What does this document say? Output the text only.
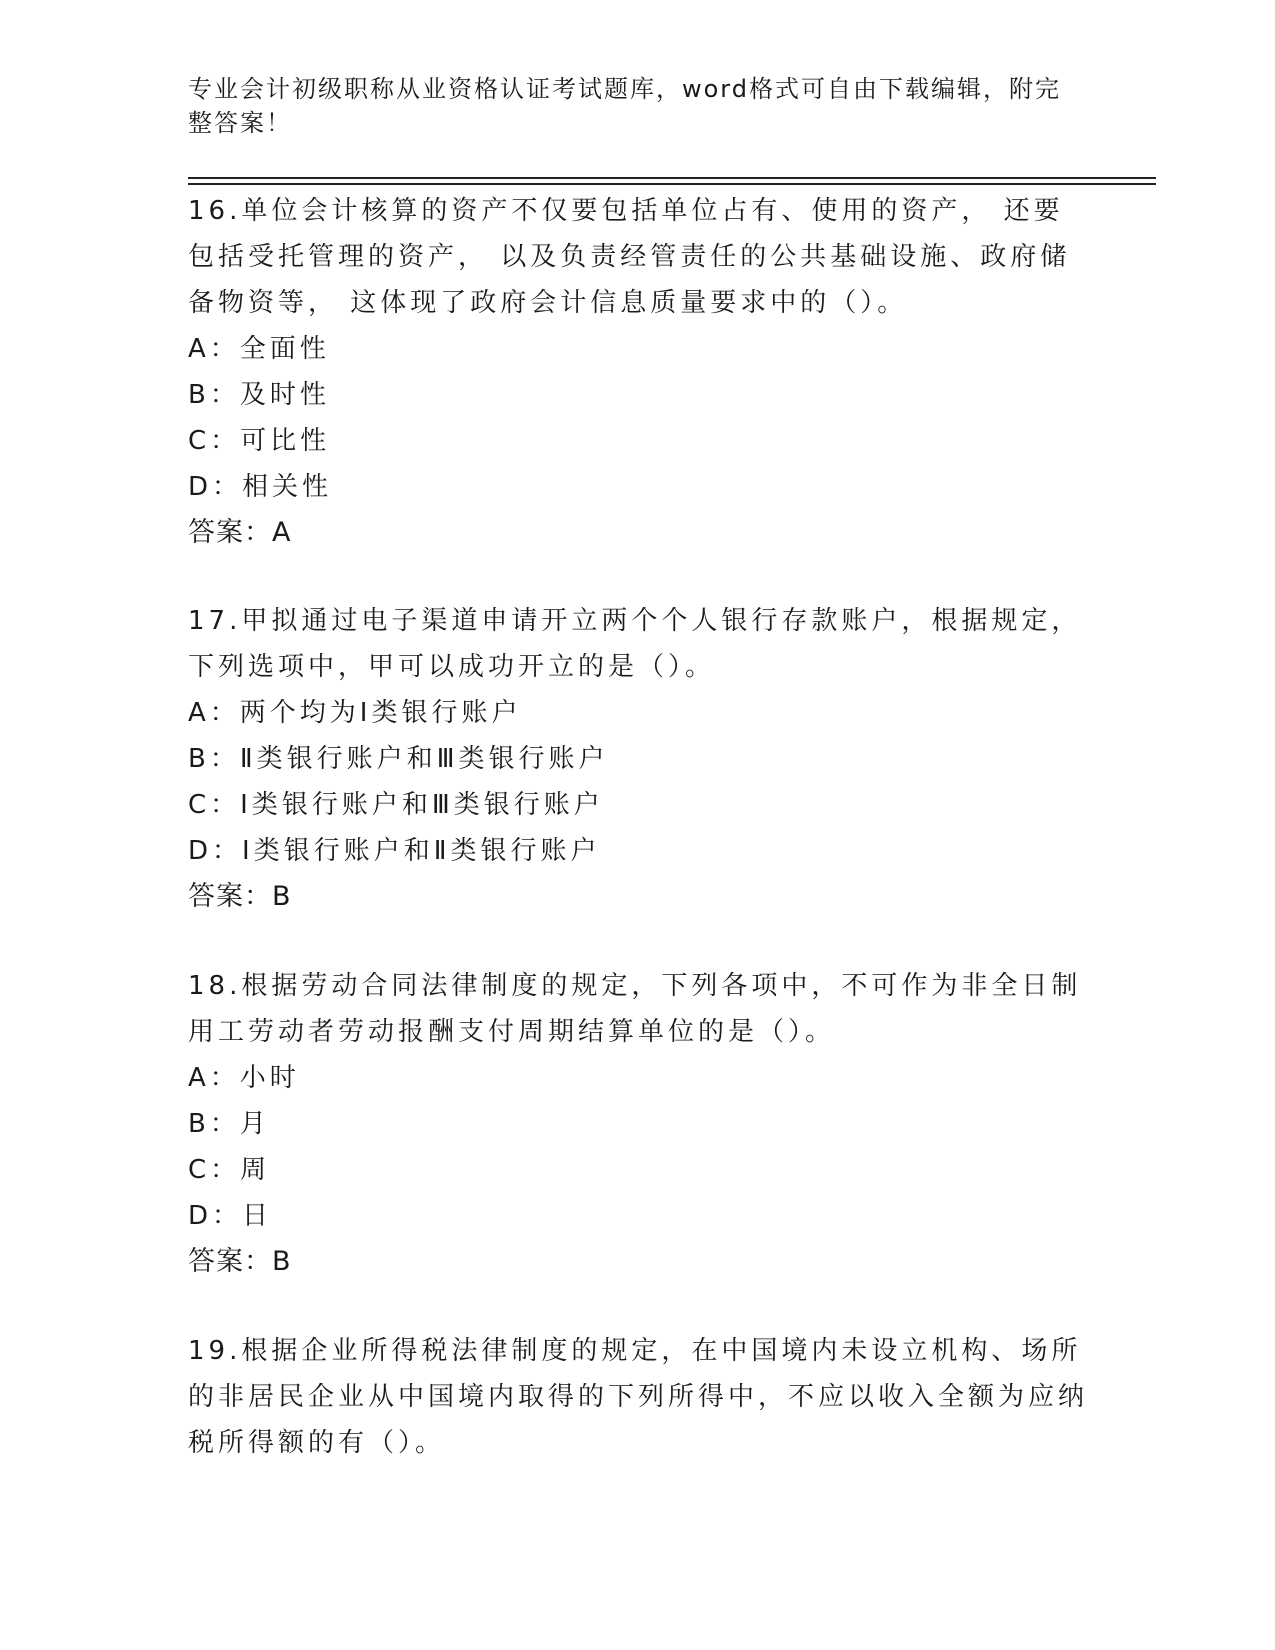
专业会计初级职称从业资格认证考试题库，word格式可自由下载编辑，附完整答案！

16.单位会计核算的资产不仅要包括单位占有、使用的资产， 还要包括受托管理的资产， 以及负责经管责任的公共基础设施、政府储备物资等， 这体现了政府会计信息质量要求中的（）。

A：全面性

B：及时性

C：可比性

D：相关性

答案：A

17.甲拟通过电子渠道申请开立两个个人银行存款账户，根据规定，下列选项中，甲可以成功开立的是（）。

A：两个均为Ⅰ类银行账户

B：Ⅱ类银行账户和Ⅲ类银行账户

C：Ⅰ类银行账户和Ⅲ类银行账户

D：Ⅰ类银行账户和Ⅱ类银行账户

答案：B

18.根据劳动合同法律制度的规定，下列各项中，不可作为非全日制用工劳动者劳动报酬支付周期结算单位的是（）。

A：小时

B：月

C：周

D：日

答案：B

19.根据企业所得税法律制度的规定，在中国境内未设立机构、场所的非居民企业从中国境内取得的下列所得中，不应以收入全额为应纳税所得额的有（）。
